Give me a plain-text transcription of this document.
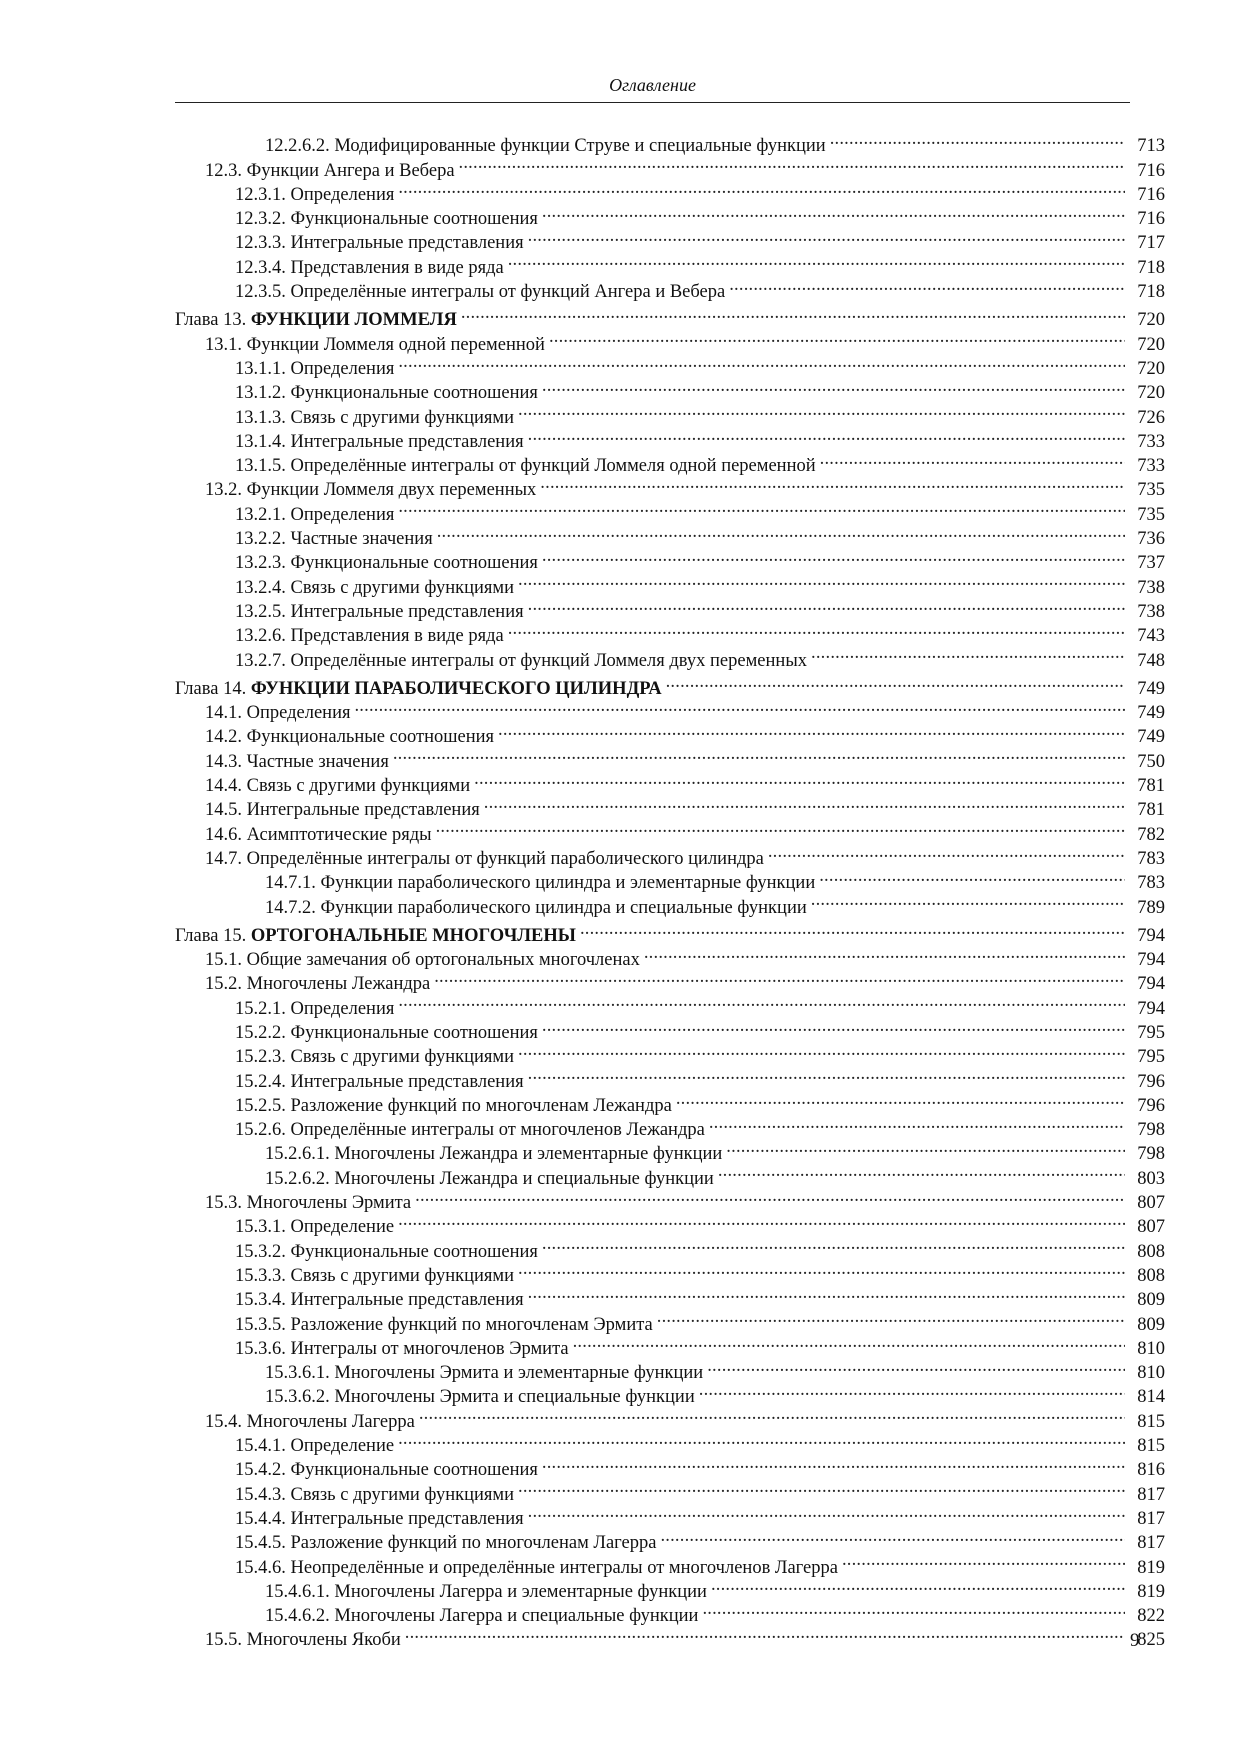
Оглавление
12.2.6.2. Модифицированные функции Струве и специальные функции .....	713
12.3. Функции Ангера и Вебера .....	716
12.3.1. Определения .....	716
12.3.2. Функциональные соотношения .....	716
12.3.3. Интегральные представления .....	717
12.3.4. Представления в виде ряда .....	718
12.3.5. Определённые интегралы от функций Ангера и Вебера .....	718
Глава 13. ФУНКЦИИ ЛОММЕЛЯ .....	720
13.1. Функции Ломмеля одной переменной .....	720
13.1.1. Определения .....	720
13.1.2. Функциональные соотношения .....	720
13.1.3. Связь с другими функциями .....	726
13.1.4. Интегральные представления .....	733
13.1.5. Определённые интегралы от функций Ломмеля одной переменной .....	733
13.2. Функции Ломмеля двух переменных .....	735
13.2.1. Определения .....	735
13.2.2. Частные значения .....	736
13.2.3. Функциональные соотношения .....	737
13.2.4. Связь с другими функциями .....	738
13.2.5. Интегральные представления .....	738
13.2.6. Представления в виде ряда .....	743
13.2.7. Определённые интегралы от функций Ломмеля двух переменных .....	748
Глава 14. ФУНКЦИИ ПАРАБОЛИЧЕСКОГО ЦИЛИНДРА .....	749
14.1. Определения .....	749
14.2. Функциональные соотношения .....	749
14.3. Частные значения .....	750
14.4. Связь с другими функциями .....	781
14.5. Интегральные представления .....	781
14.6. Асимптотические ряды .....	782
14.7. Определённые интегралы от функций параболического цилиндра .....	783
14.7.1. Функции параболического цилиндра и элементарные функции .....	783
14.7.2. Функции параболического цилиндра и специальные функции .....	789
Глава 15. ОРТОГОНАЛЬНЫЕ МНОГОЧЛЕНЫ .....	794
15.1. Общие замечания об ортогональных многочленах .....	794
15.2. Многочлены Лежандра .....	794
15.2.1. Определения .....	794
15.2.2. Функциональные соотношения .....	795
15.2.3. Связь с другими функциями .....	795
15.2.4. Интегральные представления .....	796
15.2.5. Разложение функций по многочленам Лежандра .....	796
15.2.6. Определённые интегралы от многочленов Лежандра .....	798
15.2.6.1. Многочлены Лежандра и элементарные функции .....	798
15.2.6.2. Многочлены Лежандра и специальные функции .....	803
15.3. Многочлены Эрмита .....	807
15.3.1. Определение .....	807
15.3.2. Функциональные соотношения .....	808
15.3.3. Связь с другими функциями .....	808
15.3.4. Интегральные представления .....	809
15.3.5. Разложение функций по многочленам Эрмита .....	809
15.3.6. Интегралы от многочленов Эрмита .....	810
15.3.6.1. Многочлены Эрмита и элементарные функции .....	810
15.3.6.2. Многочлены Эрмита и специальные функции .....	814
15.4. Многочлены Лагерра .....	815
15.4.1. Определение .....	815
15.4.2. Функциональные соотношения .....	816
15.4.3. Связь с другими функциями .....	817
15.4.4. Интегральные представления .....	817
15.4.5. Разложение функций по многочленам Лагерра .....	817
15.4.6. Неопределённые и определённые интегралы от многочленов Лагерра .....	819
15.4.6.1. Многочлены Лагерра и элементарные функции .....	819
15.4.6.2. Многочлены Лагерра и специальные функции .....	822
15.5. Многочлены Якоби .....	825
9
